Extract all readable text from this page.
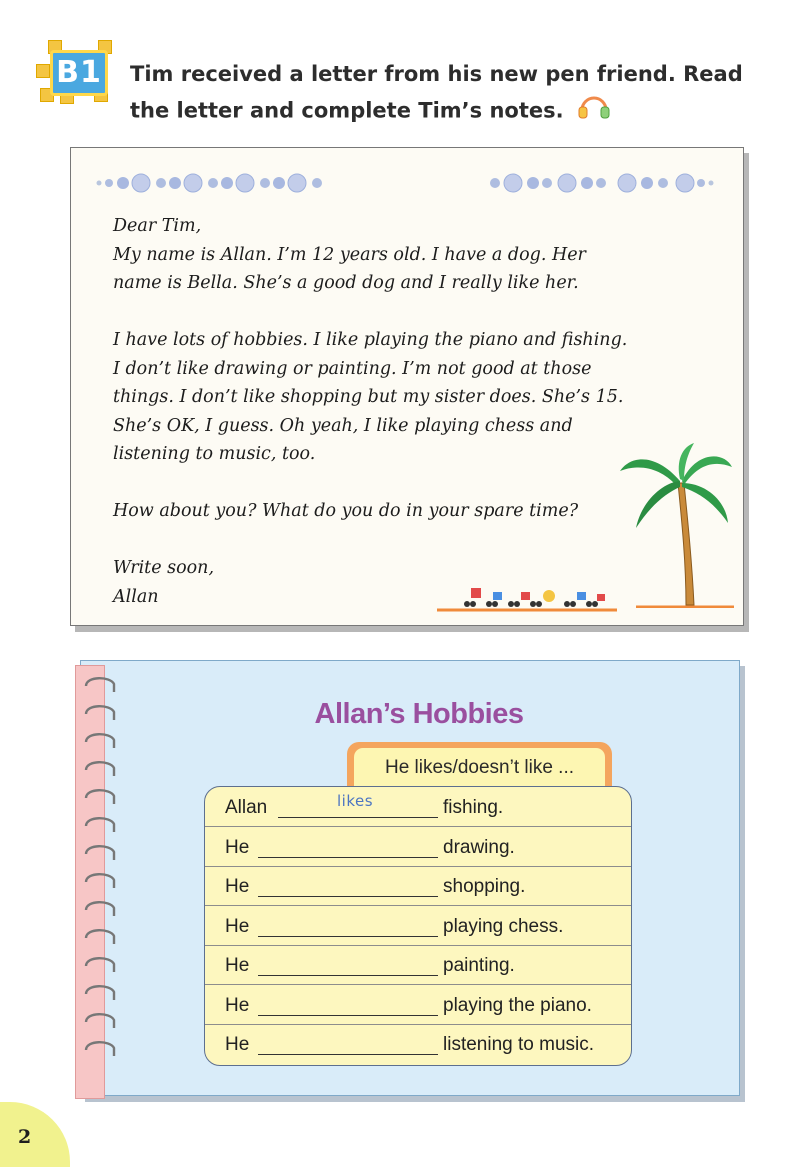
B1 Tim received a letter from his new pen friend. Read the letter and complete Tim’s notes.

Dear Tim,
My name is Allan. I’m 12 years old. I have a dog. Her
name is Bella. She’s a good dog and I really like her.

I have lots of hobbies. I like playing the piano and fishing.
I don’t like drawing or painting. I’m not good at those
things. I don’t like shopping but my sister does. She’s 15.
She’s OK, I guess. Oh yeah, I like playing chess and
listening to music, too.

How about you? What do you do in your spare time?

Write soon,
Allan

Allan’s Hobbies
He likes/doesn’t like ...
Allan	likes	fishing.
He	drawing.
He	shopping.
He	playing chess.
He	painting.
He	playing the piano.
He	listening to music.
2
